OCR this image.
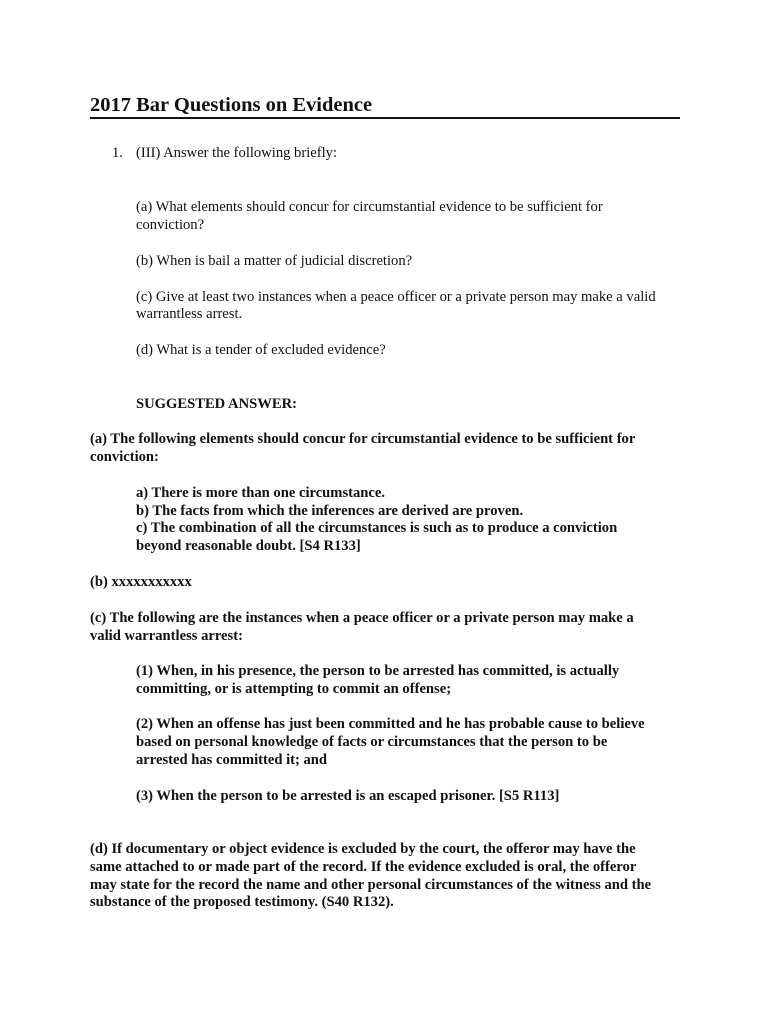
2017 Bar Questions on Evidence
1. (III) Answer the following briefly:
(a) What elements should concur for circumstantial evidence to be sufficient for
conviction?
(b) When is bail a matter of judicial discretion?
(c) Give at least two instances when a peace officer or a private person may make a valid
warrantless arrest.
(d) What is a tender of excluded evidence?
SUGGESTED ANSWER:
(a) The following elements should concur for circumstantial evidence to be sufficient for
conviction:
a) There is more than one circumstance.
b) The facts from which the inferences are derived are proven.
c) The combination of all the circumstances is such as to produce a conviction
beyond reasonable doubt. [S4 R133]
(b) xxxxxxxxxxx
(c) The following are the instances when a peace officer or a private person may make a
valid warrantless arrest:
(1) When, in his presence, the person to be arrested has committed, is actually
committing, or is attempting to commit an offense;
(2) When an offense has just been committed and he has probable cause to believe
based on personal knowledge of facts or circumstances that the person to be
arrested has committed it; and
(3) When the person to be arrested is an escaped prisoner. [S5 R113]
(d) If documentary or object evidence is excluded by the court, the offeror may have the
same attached to or made part of the record. If the evidence excluded is oral, the offeror
may state for the record the name and other personal circumstances of the witness and the
substance of the proposed testimony. (S40 R132).
